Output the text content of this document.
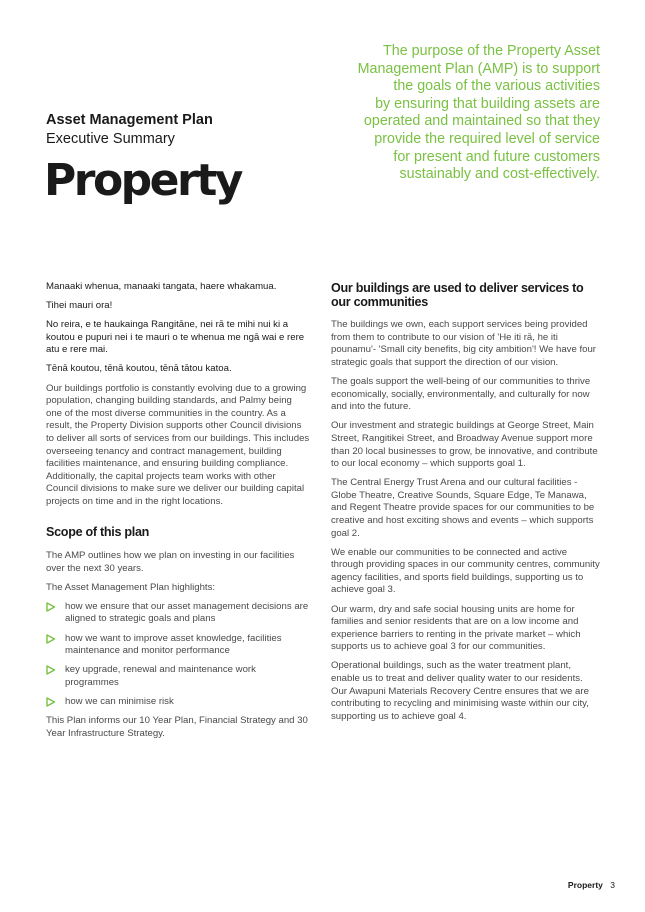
Asset Management Plan
Executive Summary
Property
The purpose of the Property Asset
Management Plan (AMP) is to support
the goals of the various activities
by ensuring that building assets are
operated and maintained so that they
provide the required level of service
for present and future customers
sustainably and cost-effectively.

Manaaki whenua, manaaki tangata, haere whakamua.

Tihei mauri ora!

No reira, e te haukainga Rangitāne, nei rā te mihi nui ki a koutou e pupuri nei i te mauri o te whenua me ngā wai e rere atu e rere mai.

Tēnā koutou, tēnā koutou, tēnā tātou katoa.

Our buildings portfolio is constantly evolving due to a growing population, changing building standards, and Palmy being one of the most diverse communities in the country. As a result, the Property Division supports other Council divisions to deliver all sorts of services from our buildings. This includes overseeing tenancy and contract management, building facilities maintenance, and ensuring building compliance. Additionally, the capital projects team works with other Council divisions to make sure we deliver our building capital projects on time and in the right locations.

Scope of this plan

The AMP outlines how we plan on investing in our facilities over the next 30 years.

The Asset Management Plan highlights:

how we ensure that our asset management decisions are aligned to strategic goals and plans
how we want to improve asset knowledge, facilities maintenance and monitor performance
key upgrade, renewal and maintenance work programmes
how we can minimise risk

This Plan informs our 10 Year Plan, Financial Strategy and 30 Year Infrastructure Strategy.

Our buildings are used to deliver services to our communities

The buildings we own, each support services being provided from them to contribute to our vision of 'He iti rā, he iti pounamu'- 'Small city benefits, big city ambition'! We have four strategic goals that support the direction of our vision.

The goals support the well-being of our communities to thrive economically, socially, environmentally, and culturally for now and into the future.

Our investment and strategic buildings at George Street, Main Street, Rangitikei Street, and Broadway Avenue support more than 20 local businesses to grow, be innovative, and contribute to our local economy – which supports goal 1.

The Central Energy Trust Arena and our cultural facilities - Globe Theatre, Creative Sounds, Square Edge, Te Manawa, and Regent Theatre provide spaces for our communities to be creative and host exciting shows and events – which supports goal 2.

We enable our communities to be connected and active through providing spaces in our community centres, community agency facilities, and sports field buildings, supporting us to achieve goal 3.

Our warm, dry and safe social housing units are home for families and senior residents that are on a low income and experience barriers to renting in the private market – which supports us to achieve goal 3 for our communities.

Operational buildings, such as the water treatment plant, enable us to treat and deliver quality water to our residents. Our Awapuni Materials Recovery Centre ensures that we are contributing to recycling and minimising waste within our city, supporting us to achieve goal 4.

Property 3
